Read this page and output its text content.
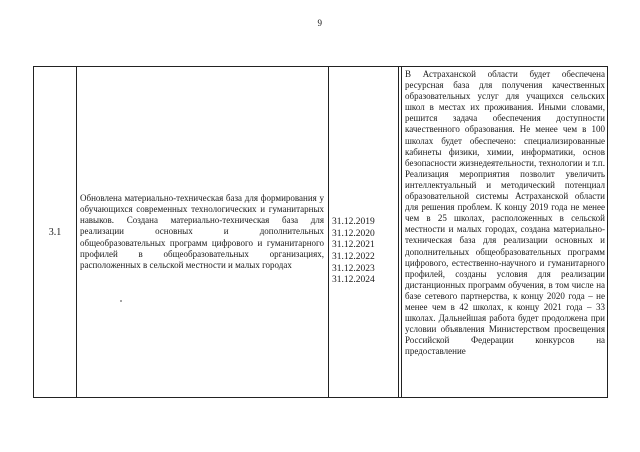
9
3.1

Обновлена материально-техническая база для формирования у обучающихся современных технологических и гуманитарных навыков. Создана материально-техническая база для реализации основных и дополнительных общеобразовательных программ цифрового и гуманитарного профилей в общеобразовательных организациях, расположенных в сельской местности и малых городах

31.12.2019
31.12.2020
31.12.2021
31.12.2022
31.12.2023
31.12.2024

В Астраханской области будет обеспечена ресурсная база для получения качественных образовательных услуг для учащихся сельских школ в местах их проживания. Иными словами, решится задача обеспечения доступности качественного образования. Не менее чем в 100 школах будет обеспечено: специализированные кабинеты физики, химии, информатики, основ безопасности жизнедеятельности, технологии и т.п. Реализация мероприятия позволит увеличить интеллектуальный и методический потенциал образовательной системы Астраханской области для решения проблем. К концу 2019 года не менее чем в 25 школах, расположенных в сельской местности и малых городах, создана материально-техническая база для реализации основных и дополнительных общеобразовательных программ цифрового, естественно-научного и гуманитарного профилей, созданы условия для реализации дистанционных программ обучения, в том числе на базе сетевого партнерства, к концу 2020 года – не менее чем в 42 школах, к концу 2021 года – 33 школах. Дальнейшая работа будет продолжена при условии объявления Министерством просвещения Российской Федерации конкурсов на предоставление
